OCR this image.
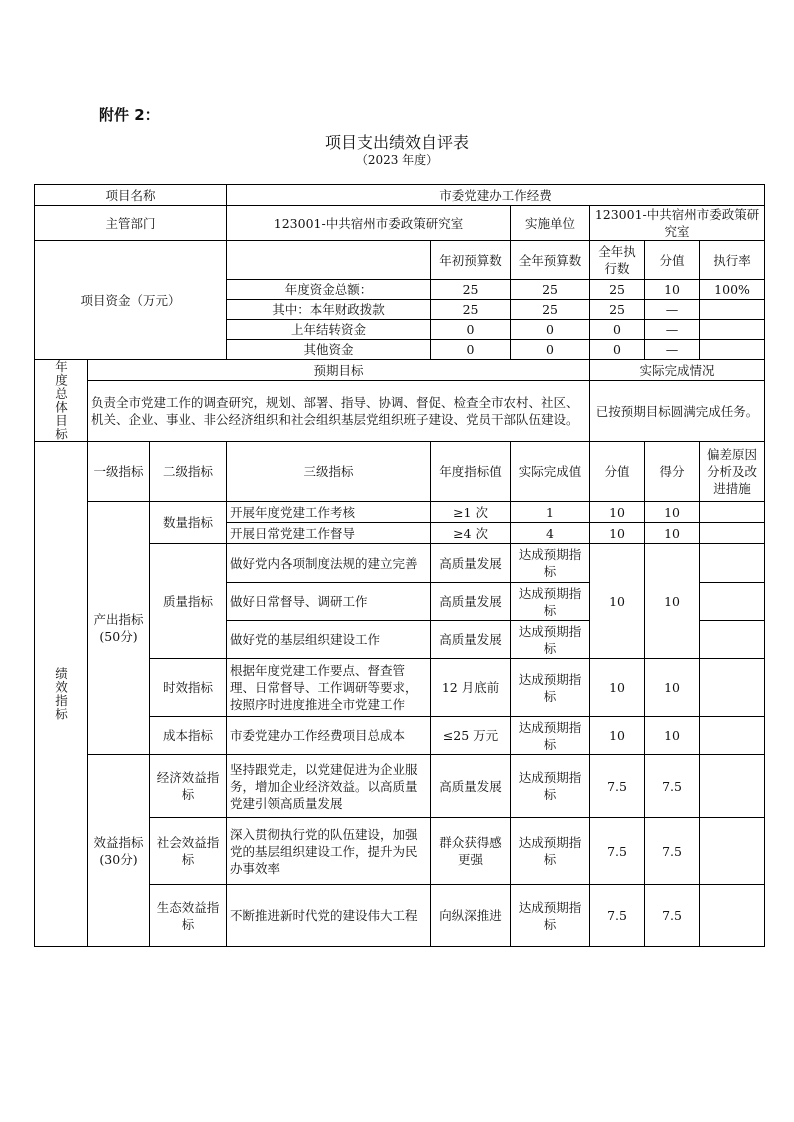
附件 2：
项目支出绩效自评表
（2023 年度）
项目名称			市委党建办工作经费						
主管部门			123001-中共宿州市委政策研究室		实施单位	123001-中共宿州市委政策研究室			
项目资金（万元）				年初预算数	全年预算数	全年执行数	分值	执行率	
			年度资金总额：	25	25	25	10	100%	
			其中：本年财政拨款	25	25	25	—		
			上年结转资金	0	0	0	—		
			其他资金	0	0	0	—		

年度总体目标	预期目标					实际完成情况			
	负责全市党建工作的调查研究，规划、部署、指导、协调、督促、检查全市农村、社区、机关、企业、事业、非公经济组织和社会组织基层党组织班子建设、党员干部队伍建设。					已按预期目标圆满完成任务。			

绩效指标	一级指标	二级指标	三级指标	年度指标值	实际完成值	分值	得分	偏差原因分析及改进措施	
	产出指标(50分)	数量指标	开展年度党建工作考核	≥1 次	1	10	10		
			开展日常党建工作督导	≥4 次	4	10	10		
		质量指标	做好党内各项制度法规的建立完善	高质量发展	达成预期指标	10	10		
			做好日常督导、调研工作	高质量发展	达成预期指标				
			做好党的基层组织建设工作	高质量发展	达成预期指标				
		时效指标	根据年度党建工作要点、督查管理、日常督导、工作调研等要求，按照序时进度推进全市党建工作	12 月底前	达成预期指标	10	10		
		成本指标	市委党建办工作经费项目总成本	≤25 万元	达成预期指标	10	10		
	效益指标(30分)	经济效益指标	坚持跟党走，以党建促进为企业服务，增加企业经济效益。以高质量党建引领高质量发展	高质量发展	达成预期指标	7.5	7.5		
		社会效益指标	深入贯彻执行党的队伍建设，加强党的基层组织建设工作，提升为民办事效率	群众获得感更强	达成预期指标	7.5	7.5		
		生态效益指标	不断推进新时代党的建设伟大工程	向纵深推进	达成预期指标	7.5	7.5		
